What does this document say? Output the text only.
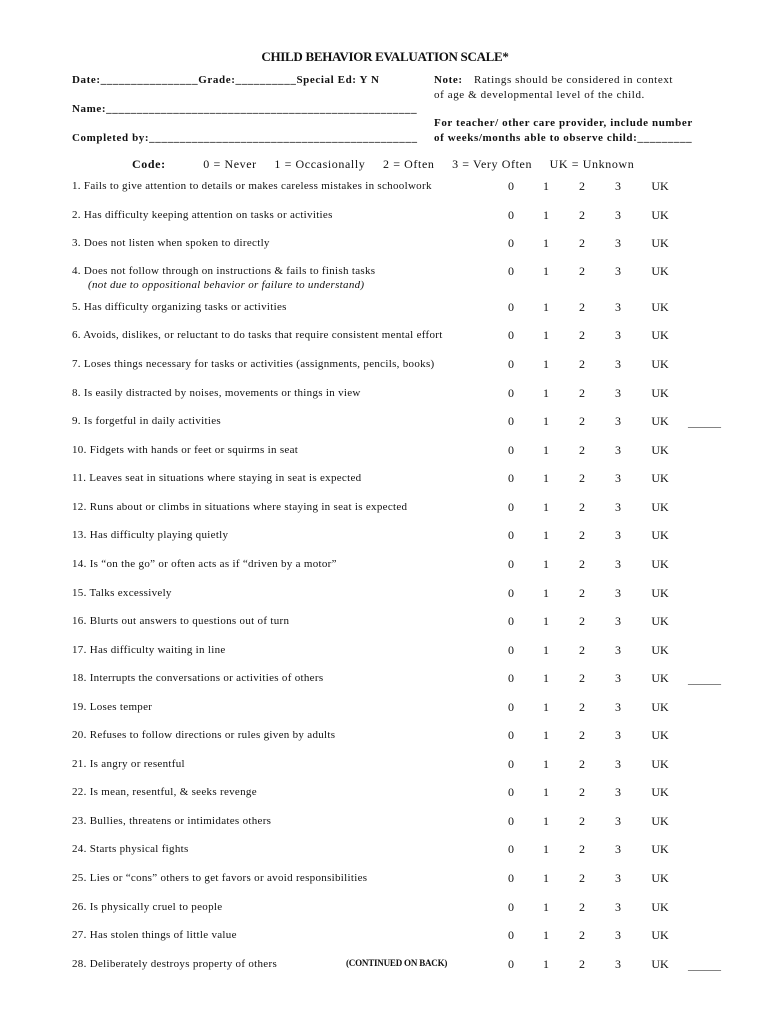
CHILD BEHAVIOR EVALUATION SCALE*
Date:________________Grade:__________Special Ed: Y N	Note: Ratings should be considered in context
of age & developmental level of the child.
Name:___________________________________________________
For teacher/ other care provider, include number
Completed by:____________________________________________ of weeks/months able to observe child:_________
Code:	0 = Never 1 = Occasionally 2 = Often 3 = Very Often UK = Unknown
1. Fails to give attention to details or makes careless mistakes in schoolwork	0	1	2	3	UK
2. Has difficulty keeping attention on tasks or activities	0	1	2	3	UK
3. Does not listen when spoken to directly	0	1	2	3	UK
4. Does not follow through on instructions & fails to finish tasks
(not due to oppositional behavior or failure to understand)
0	1	2	3	UK
5. Has difficulty organizing tasks or activities	0	1	2	3	UK
6. Avoids, dislikes, or reluctant to do tasks that require consistent mental effort	0	1	2	3	UK
7. Loses things necessary for tasks or activities (assignments, pencils, books)	0	1	2	3	UK
8. Is easily distracted by noises, movements or things in view	0	1	2	3	UK
9. Is forgetful in daily activities	0	1	2	3	UK ______
10. Fidgets with hands or feet or squirms in seat	0	1	2	3	UK
11. Leaves seat in situations where staying in seat is expected	0	1	2	3	UK
12. Runs about or climbs in situations where staying in seat is expected	0	1	2	3	UK
13. Has difficulty playing quietly	0	1	2	3	UK
14. Is “on the go” or often acts as if “driven by a motor”	0	1	2	3	UK
15. Talks excessively	0	1	2	3	UK
16. Blurts out answers to questions out of turn	0	1	2	3	UK
17. Has difficulty waiting in line	0	1	2	3	UK
18. Interrupts the conversations or activities of others	0	1	2	3	UK ______
19. Loses temper	0	1	2	3	UK
20. Refuses to follow directions or rules given by adults	0	1	2	3	UK
21. Is angry or resentful	0	1	2	3	UK
22. Is mean, resentful, & seeks revenge	0	1	2	3	UK
23. Bullies, threatens or intimidates others	0	1	2	3	UK
24. Starts physical fights	0	1	2	3	UK
25. Lies or “cons” others to get favors or avoid responsibilities	0	1	2	3	UK
26. Is physically cruel to people	0	1	2	3	UK
27. Has stolen things of little value	0	1	2	3	UK
28. Deliberately destroys property of others	0	1	2	3	UK ______
(CONTINUED ON BACK)
